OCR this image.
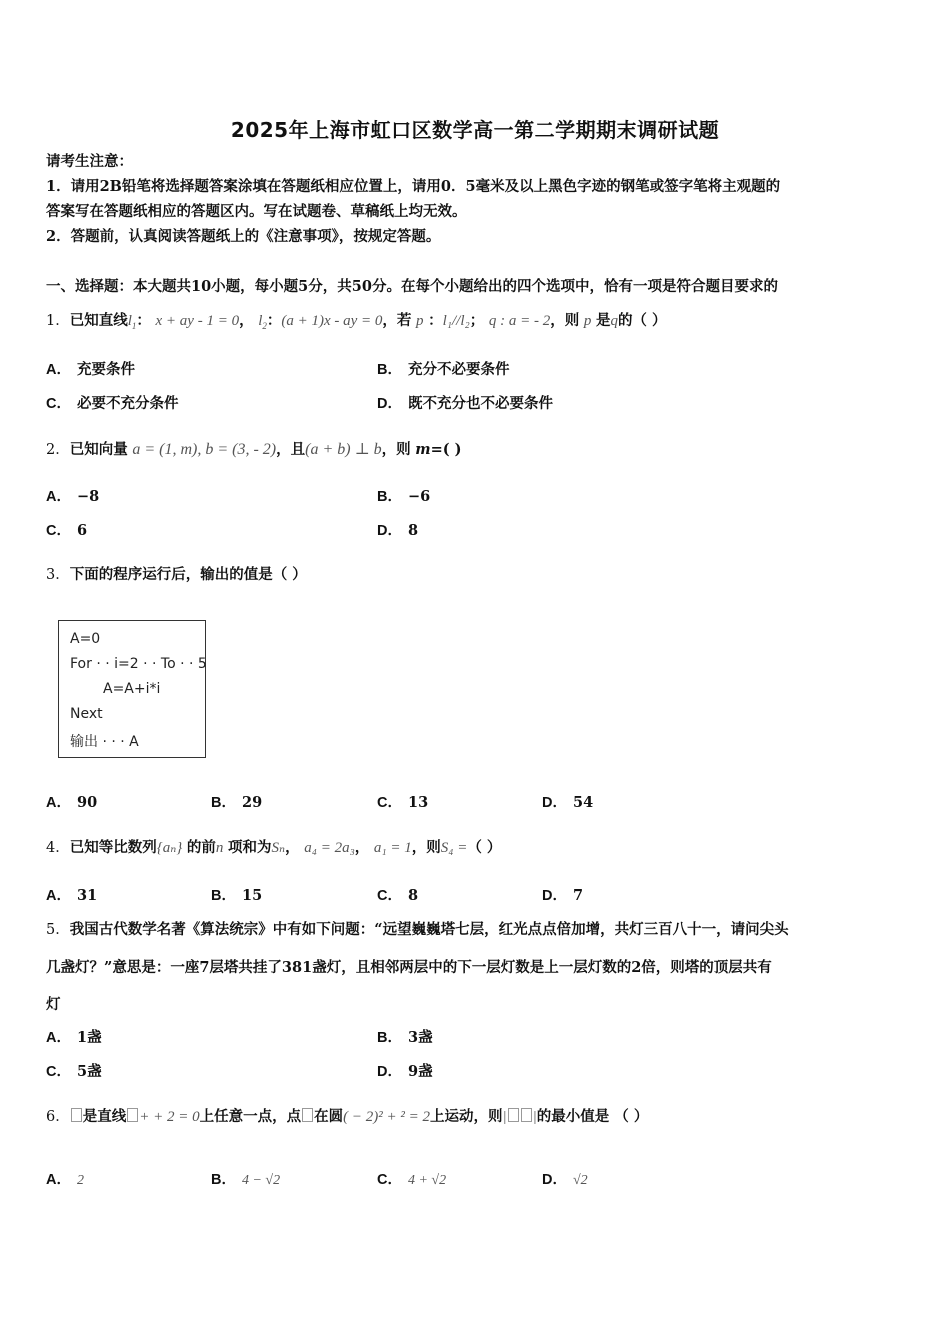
2025年上海市虹口区数学高一第二学期期末调研试题
请考生注意：
1．请用2B铅笔将选择题答案涂填在答题纸相应位置上，请用0．5毫米及以上黑色字迹的钢笔或签字笔将主观题的
答案写在答题纸相应的答题区内。写在试题卷、草稿纸上均无效。
2．答题前，认真阅读答题纸上的《注意事项》，按规定答题。
一、选择题：本大题共10小题，每小题5分，共50分。在每个小题给出的四个选项中，恰有一项是符合题目要求的
1．已知直线$l_1$： x + ay - 1 = 0， $l_2$：(a + 1)x - ay = 0，若 p ：l₁//l₂； q : a = - 2，则 p 是q的（ ）
A． 充要条件	B． 充分不必要条件
C． 必要不充分条件	D． 既不充分也不必要条件
2．已知向量 a = (1, m), b = (3, - 2)，且(a + b) ⊥ b，则 m=( )
A． −8	B． −6
C． 6	D． 8
3．下面的程序运行后，输出的值是（ ）
A=0
For · · i=2 · · To · · 5
A=A+i*i
Next
输出 · · · A
A． 90	B． 29	C． 13	D． 54
4．已知等比数列{aₙ} 的前n 项和为Sₙ， a₄ = 2a₃， a₁ = 1，则S₄ =（ ）
A． 31	B． 15	C． 8	D． 7
5．我国古代数学名著《算法统宗》中有如下问题：“远望巍巍塔七层，红光点点倍加增，共灯三百八十一，请问尖头
几盏灯？”意思是：一座7层塔共挂了381盏灯，且相邻两层中的下一层灯数是上一层灯数的2倍，则塔的顶层共有
灯
A． 1盏	B． 3盏
C． 5盏	D． 9盏
6． 是直线 + + 2 = 0上任意一点，点 在圆( − 2)² + ² = 2上运动，则| |的最小值是 （ ）
A． 2	B． 4 − √2	C． 4 + √2	D． √2
